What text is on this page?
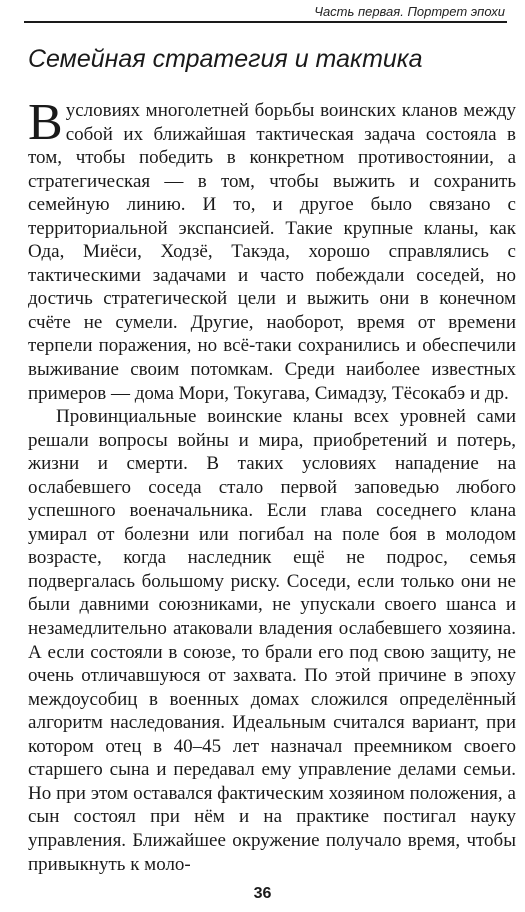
Часть первая. Портрет эпохи
Семейная стратегия и тактика

Вусловиях многолетней борьбы воинских кланов между собой их ближайшая тактическая задача состояла в том, чтобы победить в конкретном противостоянии, а стратегическая — в том, чтобы выжить и сохранить семейную линию. И то, и другое было связано с территориальной экспансией. Такие крупные кланы, как Ода, Миёси, Ходзё, Такэда, хорошо справлялись с тактическими задачами и часто побеждали соседей, но достичь стратегической цели и выжить они в конечном счёте не сумели. Другие, наоборот, время от времени терпели поражения, но всё-таки сохранились и обеспечили выживание своим потомкам. Среди наиболее известных примеров — дома Мори, Токугава, Симадзу, Тёсокабэ и др.

Провинциальные воинские кланы всех уровней сами решали вопросы войны и мира, приобретений и потерь, жизни и смерти. В таких условиях нападение на ослабевшего соседа стало первой заповедью любого успешного военачальника. Если глава соседнего клана умирал от болезни или погибал на поле боя в молодом возрасте, когда наследник ещё не подрос, семья подвергалась большому риску. Соседи, если только они не были давними союзниками, не упускали своего шанса и незамедлительно атаковали владения ослабевшего хозяина. А если состояли в союзе, то брали его под свою защиту, не очень отличавшуюся от захвата. По этой причине в эпоху междоусобиц в военных домах сложился определённый алгоритм наследования. Идеальным считался вариант, при котором отец в 40–45 лет назначал преемником своего старшего сына и передавал ему управление делами семьи. Но при этом оставался фактическим хозяином положения, а сын состоял при нём и на практике постигал науку управления. Ближайшее окружение получало время, чтобы привыкнуть к моло-

36
